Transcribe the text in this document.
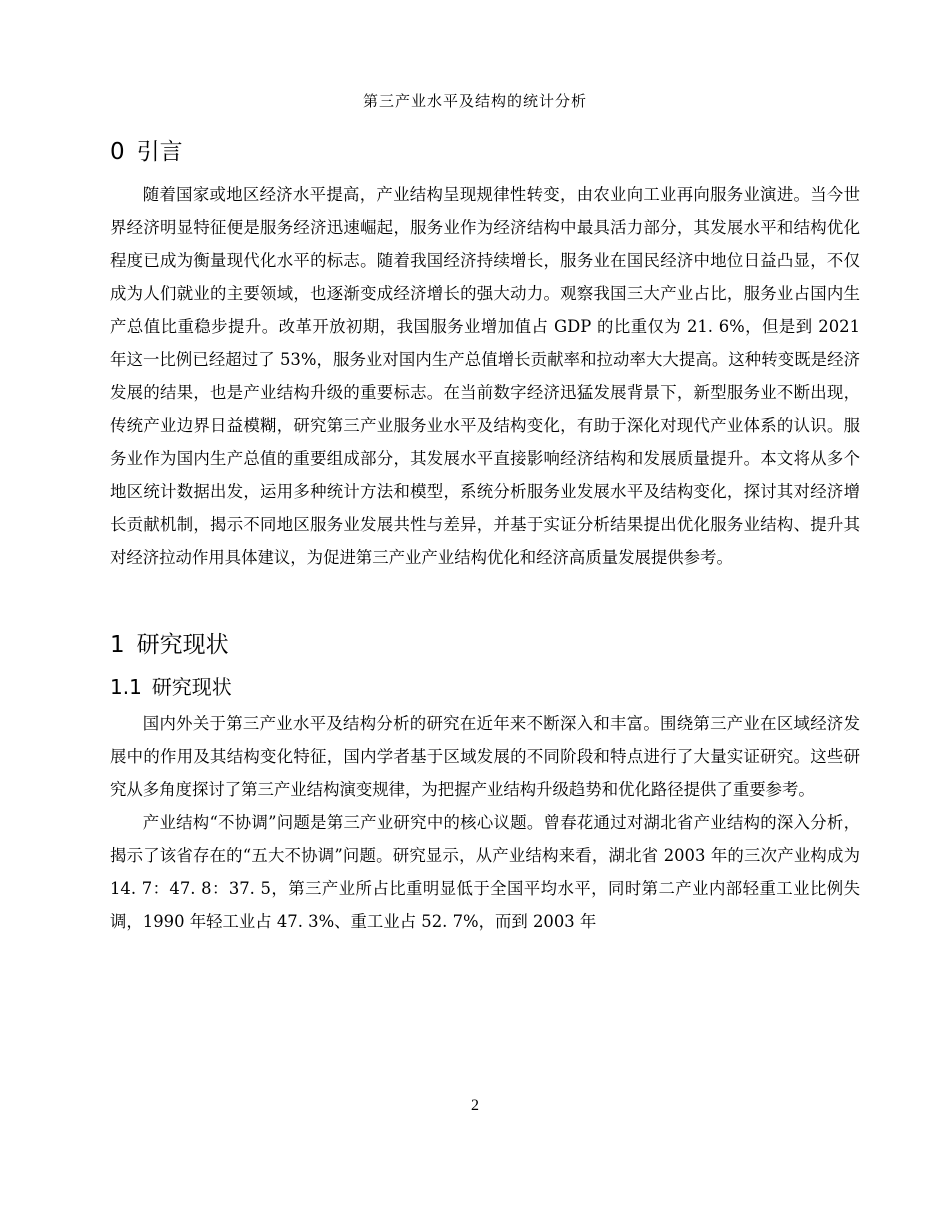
第三产业水平及结构的统计分析
0 引言

随着国家或地区经济水平提高，产业结构呈现规律性转变，由农业向工业再向服务业演进。当今世界经济明显特征便是服务经济迅速崛起，服务业作为经济结构中最具活力部分，其发展水平和结构优化程度已成为衡量现代化水平的标志。随着我国经济持续增长，服务业在国民经济中地位日益凸显，不仅成为人们就业的主要领域，也逐渐变成经济增长的强大动力。观察我国三大产业占比，服务业占国内生产总值比重稳步提升。改革开放初期，我国服务业增加值占 GDP 的比重仅为 21. 6%，但是到 2021 年这一比例已经超过了 53%，服务业对国内生产总值增长贡献率和拉动率大大提高。这种转变既是经济发展的结果，也是产业结构升级的重要标志。在当前数字经济迅猛发展背景下，新型服务业不断出现，传统产业边界日益模糊，研究第三产业服务业水平及结构变化，有助于深化对现代产业体系的认识。服务业作为国内生产总值的重要组成部分，其发展水平直接影响经济结构和发展质量提升。本文将从多个地区统计数据出发，运用多种统计方法和模型，系统分析服务业发展水平及结构变化，探讨其对经济增长贡献机制，揭示不同地区服务业发展共性与差异，并基于实证分析结果提出优化服务业结构、提升其对经济拉动作用具体建议，为促进第三产业产业结构优化和经济高质量发展提供参考。

1 研究现状
1.1 研究现状

国内外关于第三产业水平及结构分析的研究在近年来不断深入和丰富。围绕第三产业在区域经济发展中的作用及其结构变化特征，国内学者基于区域发展的不同阶段和特点进行了大量实证研究。这些研究从多角度探讨了第三产业结构演变规律，为把握产业结构升级趋势和优化路径提供了重要参考。

产业结构“不协调”问题是第三产业研究中的核心议题。曾春花通过对湖北省产业结构的深入分析，揭示了该省存在的“五大不协调”问题。研究显示，从产业结构来看，湖北省 2003 年的三次产业构成为 14. 7：47. 8：37. 5，第三产业所占比重明显低于全国平均水平，同时第二产业内部轻重工业比例失调，1990 年轻工业占 47. 3%、重工业占 52. 7%，而到 2003 年

2
